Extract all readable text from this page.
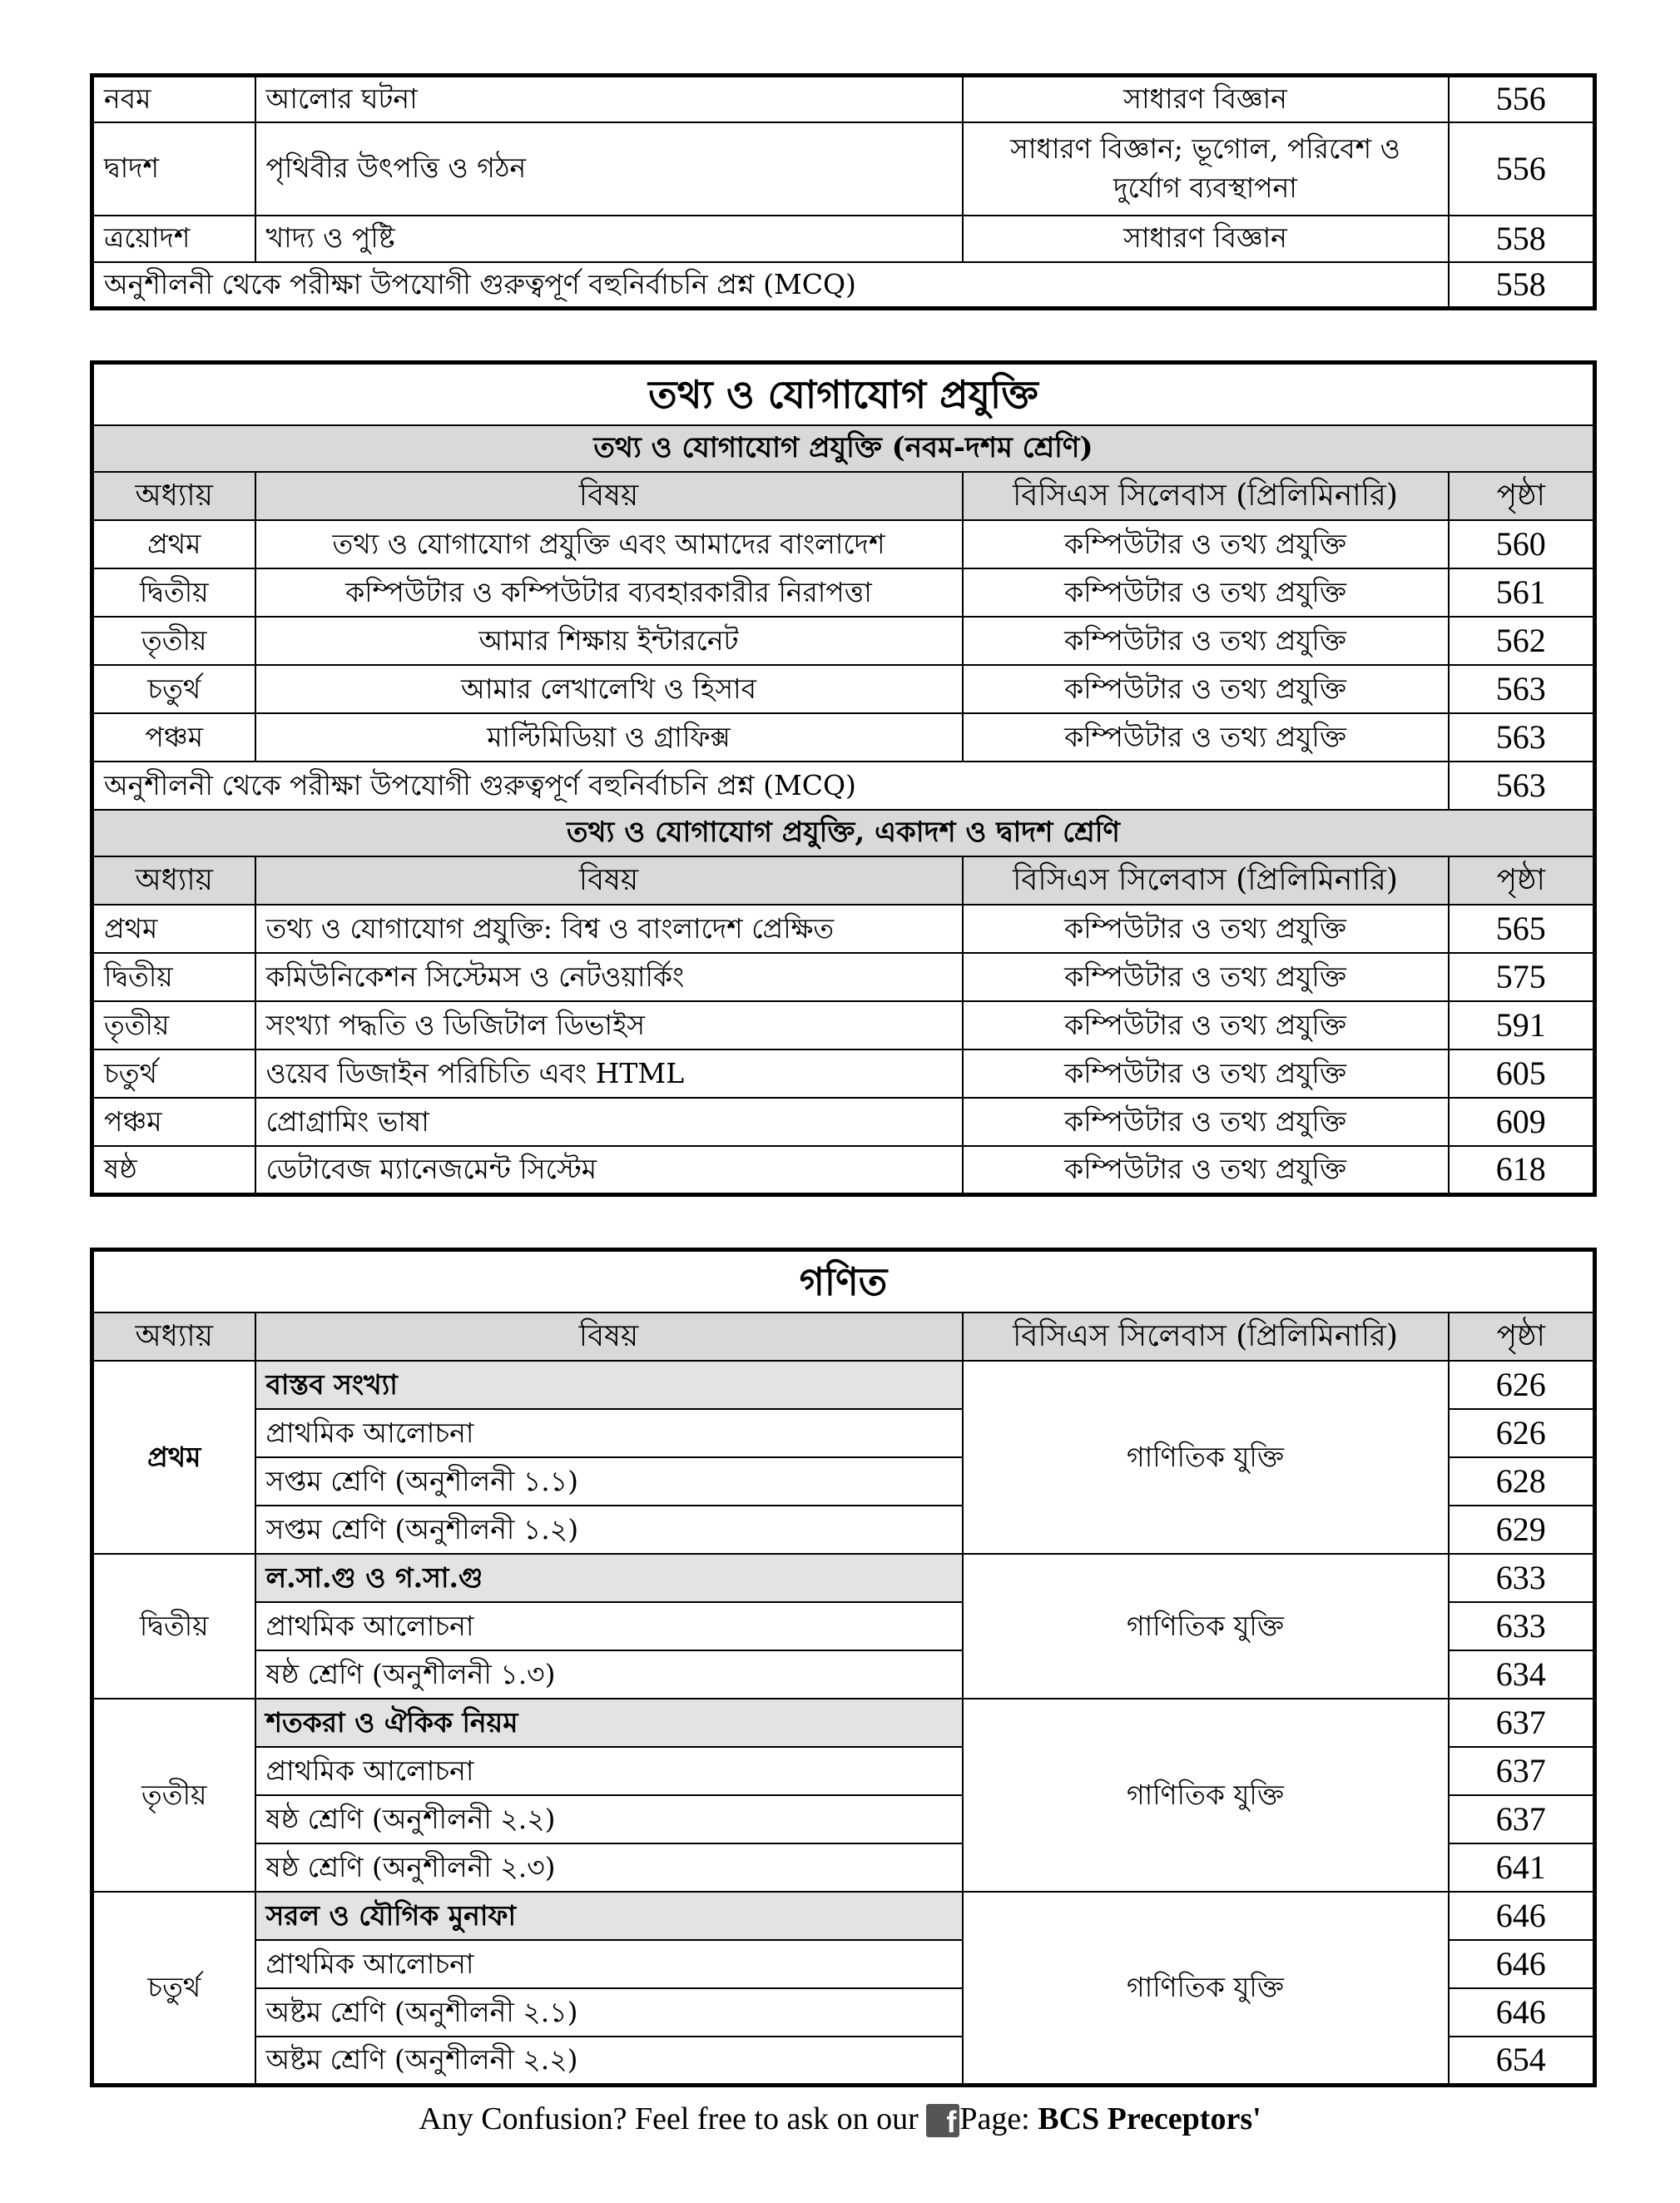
নবম	আলোর ঘটনা	সাধারণ বিজ্ঞান	556
দ্বাদশ	পৃথিবীর উৎপত্তি ও গঠন	সাধারণ বিজ্ঞান; ভূগোল, পরিবেশ ও দুর্যোগ ব্যবস্থাপনা	556
ত্রয়োদশ	খাদ্য ও পুষ্টি	সাধারণ বিজ্ঞান	558
অনুশীলনী থেকে পরীক্ষা উপযোগী গুরুত্বপূর্ণ বহুনির্বাচনি প্রশ্ন (MCQ)			558
তথ্য ও যোগাযোগ প্রযুক্তি			
তথ্য ও যোগাযোগ প্রযুক্তি (নবম-দশম শ্রেণি)			
অধ্যায়	বিষয়	বিসিএস সিলেবাস (প্রিলিমিনারি)	পৃষ্ঠা
প্রথম	তথ্য ও যোগাযোগ প্রযুক্তি এবং আমাদের বাংলাদেশ	কম্পিউটার ও তথ্য প্রযুক্তি	560
দ্বিতীয়	কম্পিউটার ও কম্পিউটার ব্যবহারকারীর নিরাপত্তা	কম্পিউটার ও তথ্য প্রযুক্তি	561
তৃতীয়	আমার শিক্ষায় ইন্টারনেট	কম্পিউটার ও তথ্য প্রযুক্তি	562
চতুর্থ	আমার লেখালেখি ও হিসাব	কম্পিউটার ও তথ্য প্রযুক্তি	563
পঞ্চম	মাল্টিমিডিয়া ও গ্রাফিক্স	কম্পিউটার ও তথ্য প্রযুক্তি	563
অনুশীলনী থেকে পরীক্ষা উপযোগী গুরুত্বপূর্ণ বহুনির্বাচনি প্রশ্ন (MCQ)			563
তথ্য ও যোগাযোগ প্রযুক্তি, একাদশ ও দ্বাদশ শ্রেণি			
অধ্যায়	বিষয়	বিসিএস সিলেবাস (প্রিলিমিনারি)	পৃষ্ঠা
প্রথম	তথ্য ও যোগাযোগ প্রযুক্তি: বিশ্ব ও বাংলাদেশ প্রেক্ষিত	কম্পিউটার ও তথ্য প্রযুক্তি	565
দ্বিতীয়	কমিউনিকেশন সিস্টেমস ও নেটওয়ার্কিং	কম্পিউটার ও তথ্য প্রযুক্তি	575
তৃতীয়	সংখ্যা পদ্ধতি ও ডিজিটাল ডিভাইস	কম্পিউটার ও তথ্য প্রযুক্তি	591
চতুর্থ	ওয়েব ডিজাইন পরিচিতি এবং HTML	কম্পিউটার ও তথ্য প্রযুক্তি	605
পঞ্চম	প্রোগ্রামিং ভাষা	কম্পিউটার ও তথ্য প্রযুক্তি	609
ষষ্ঠ	ডেটাবেজ ম্যানেজমেন্ট সিস্টেম	কম্পিউটার ও তথ্য প্রযুক্তি	618
গণিত			
অধ্যায়	বিষয়	বিসিএস সিলেবাস (প্রিলিমিনারি)	পৃষ্ঠা
প্রথম	বাস্তব সংখ্যা	গাণিতিক যুক্তি	626
	প্রাথমিক আলোচনা		626
	সপ্তম শ্রেণি (অনুশীলনী ১.১)		628
	সপ্তম শ্রেণি (অনুশীলনী ১.২)		629
দ্বিতীয়	ল.সা.গু ও গ.সা.গু	গাণিতিক যুক্তি	633
	প্রাথমিক আলোচনা		633
	ষষ্ঠ শ্রেণি (অনুশীলনী ১.৩)		634
তৃতীয়	শতকরা ও ঐকিক নিয়ম	গাণিতিক যুক্তি	637
	প্রাথমিক আলোচনা		637
	ষষ্ঠ শ্রেণি (অনুশীলনী ২.২)		637
	ষষ্ঠ শ্রেণি (অনুশীলনী ২.৩)		641
চতুর্থ	সরল ও যৌগিক মুনাফা	গাণিতিক যুক্তি	646
	প্রাথমিক আলোচনা		646
	অষ্টম শ্রেণি (অনুশীলনী ২.১)		646
	অষ্টম শ্রেণি (অনুশীলনী ২.২)		654
Any Confusion? Feel free to ask on our f Page: BCS Preceptors'
